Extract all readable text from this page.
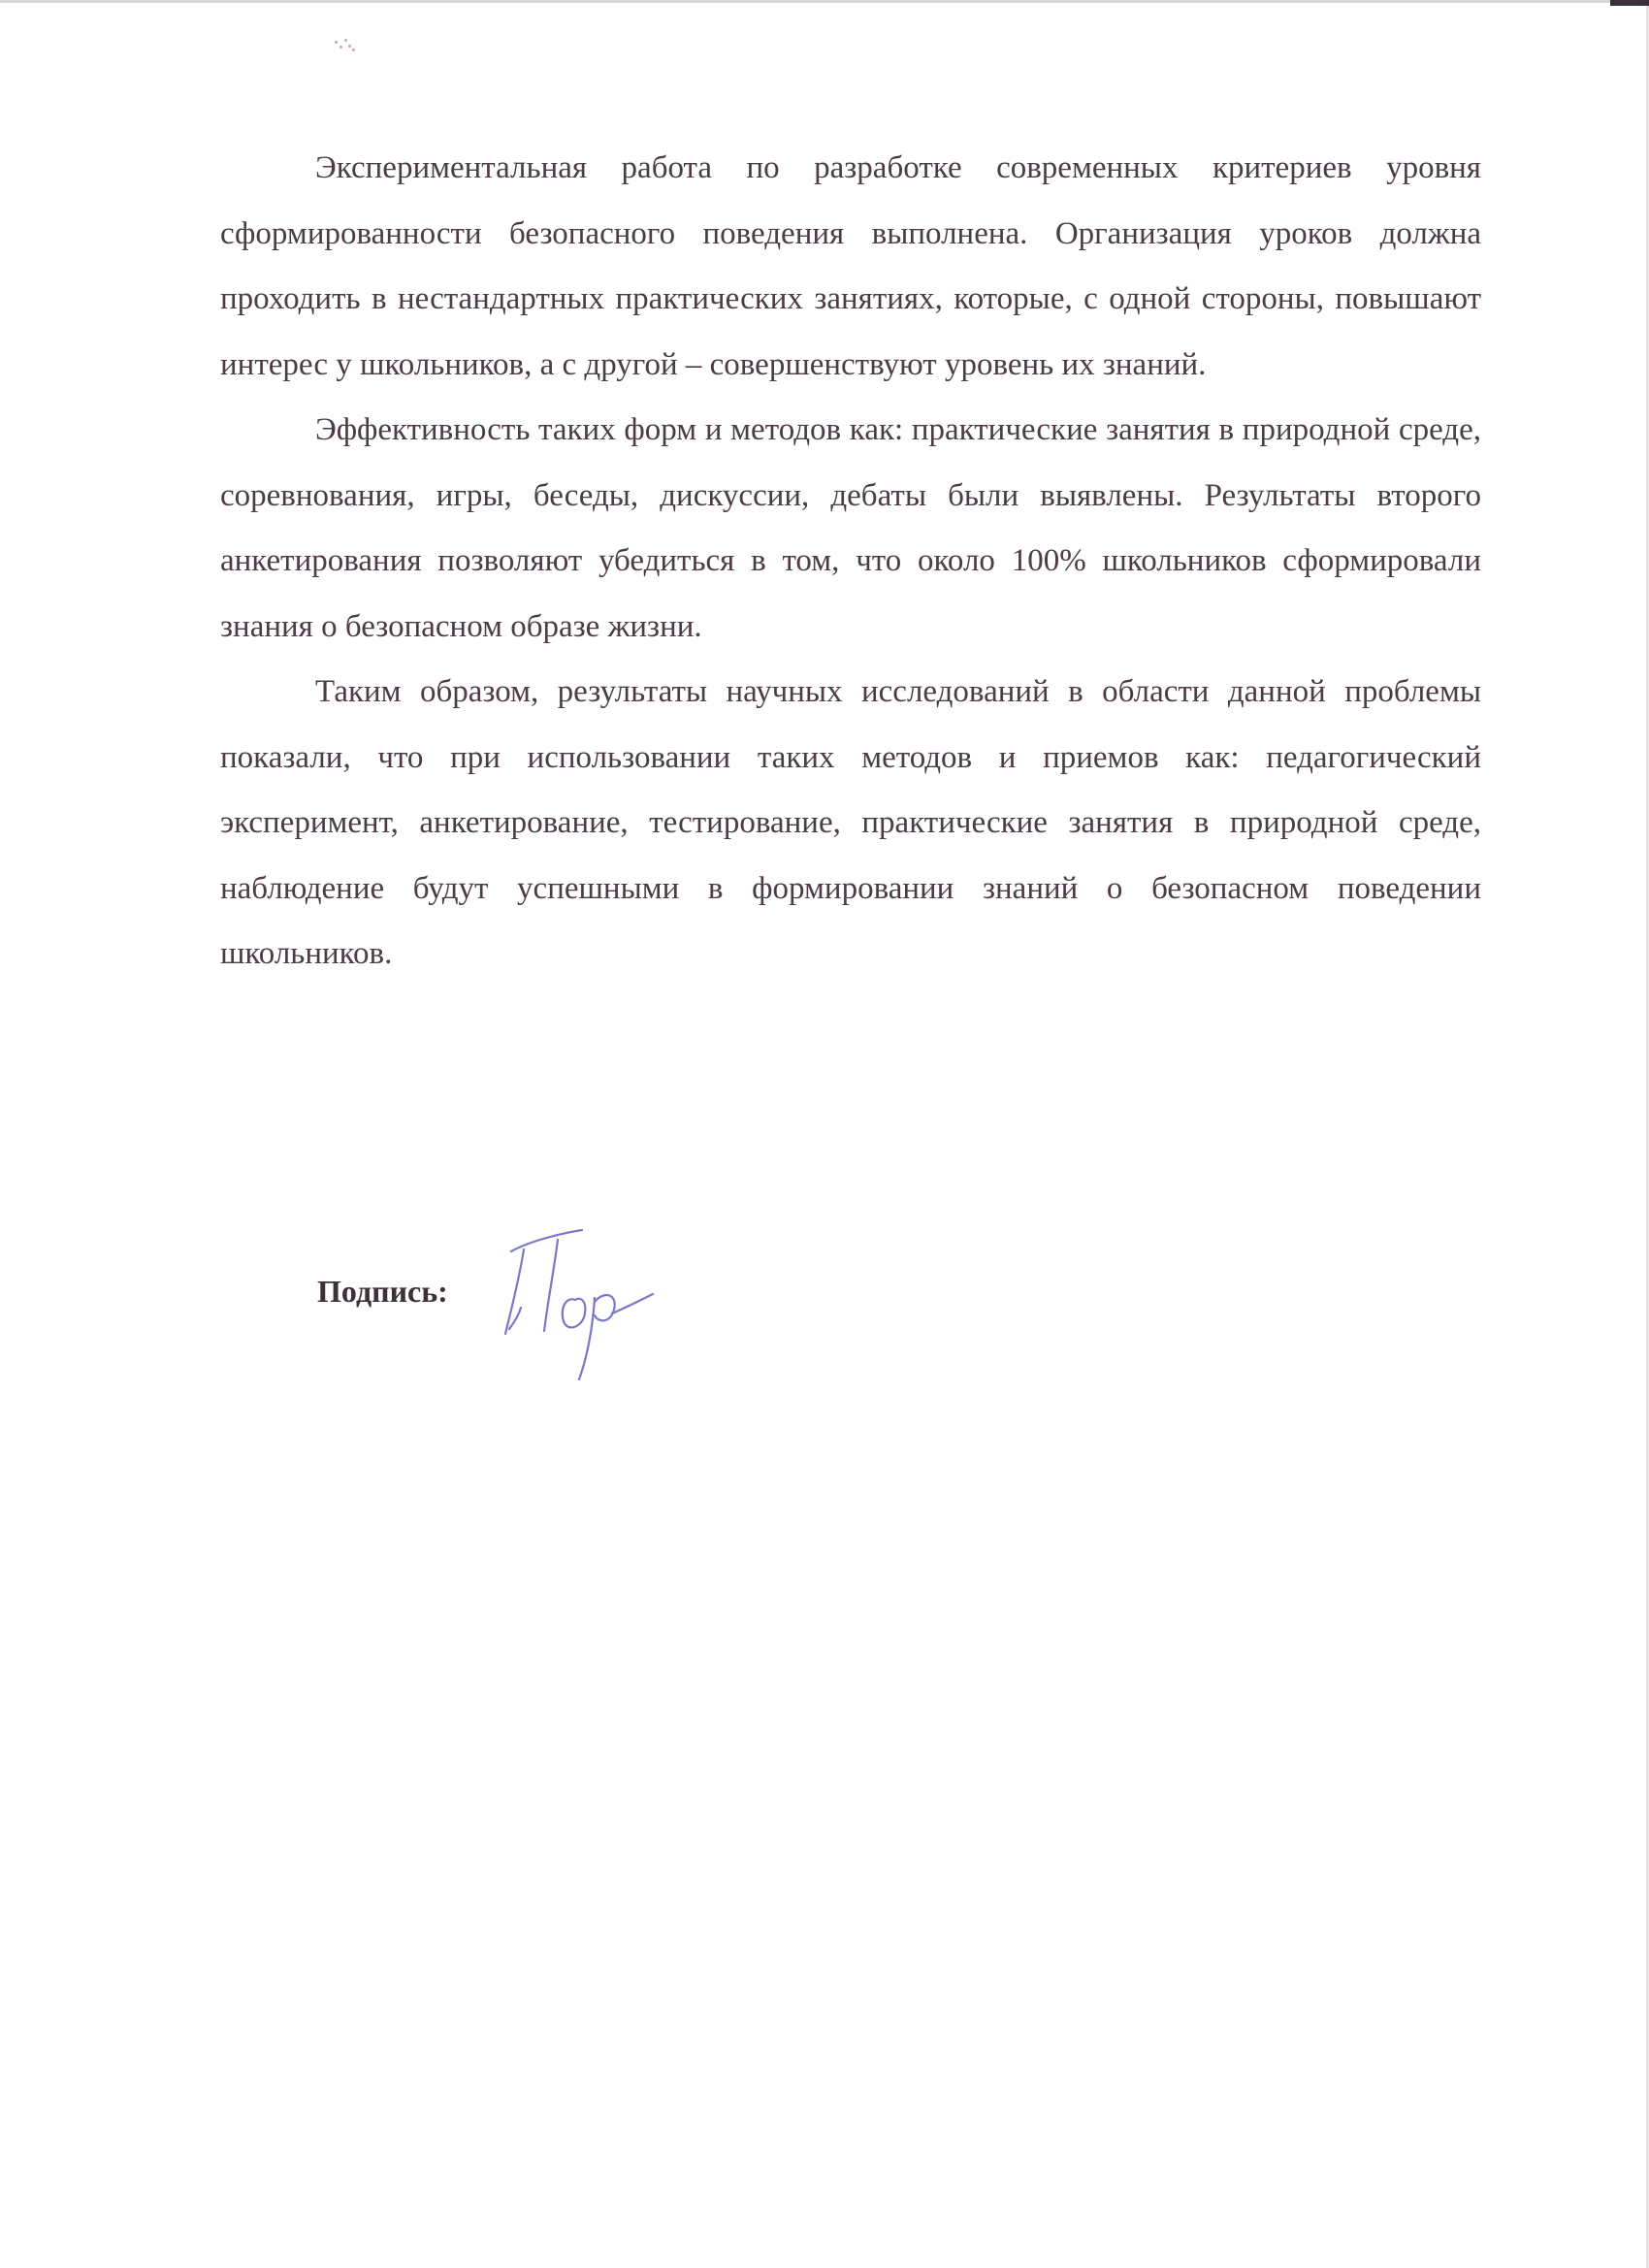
Экспериментальная работа по разработке современных критериев уровня сформированности безопасного поведения выполнена. Организация уроков должна проходить в нестандартных практических занятиях, которые, с одной стороны, повышают интерес у школьников, а с другой – совершенствуют уровень их знаний.

Эффективность таких форм и методов как: практические занятия в природной среде, соревнования, игры, беседы, дискуссии, дебаты были выявлены. Результаты второго анкетирования позволяют убедиться в том, что около 100% школьников сформировали знания о безопасном образе жизни.

Таким образом, результаты научных исследований в области данной проблемы показали, что при использовании таких методов и приемов как: педагогический эксперимент, анкетирование, тестирование, практические занятия в природной среде, наблюдение будут успешными в формировании знаний о безопасном поведении школьников.

Подпись:
